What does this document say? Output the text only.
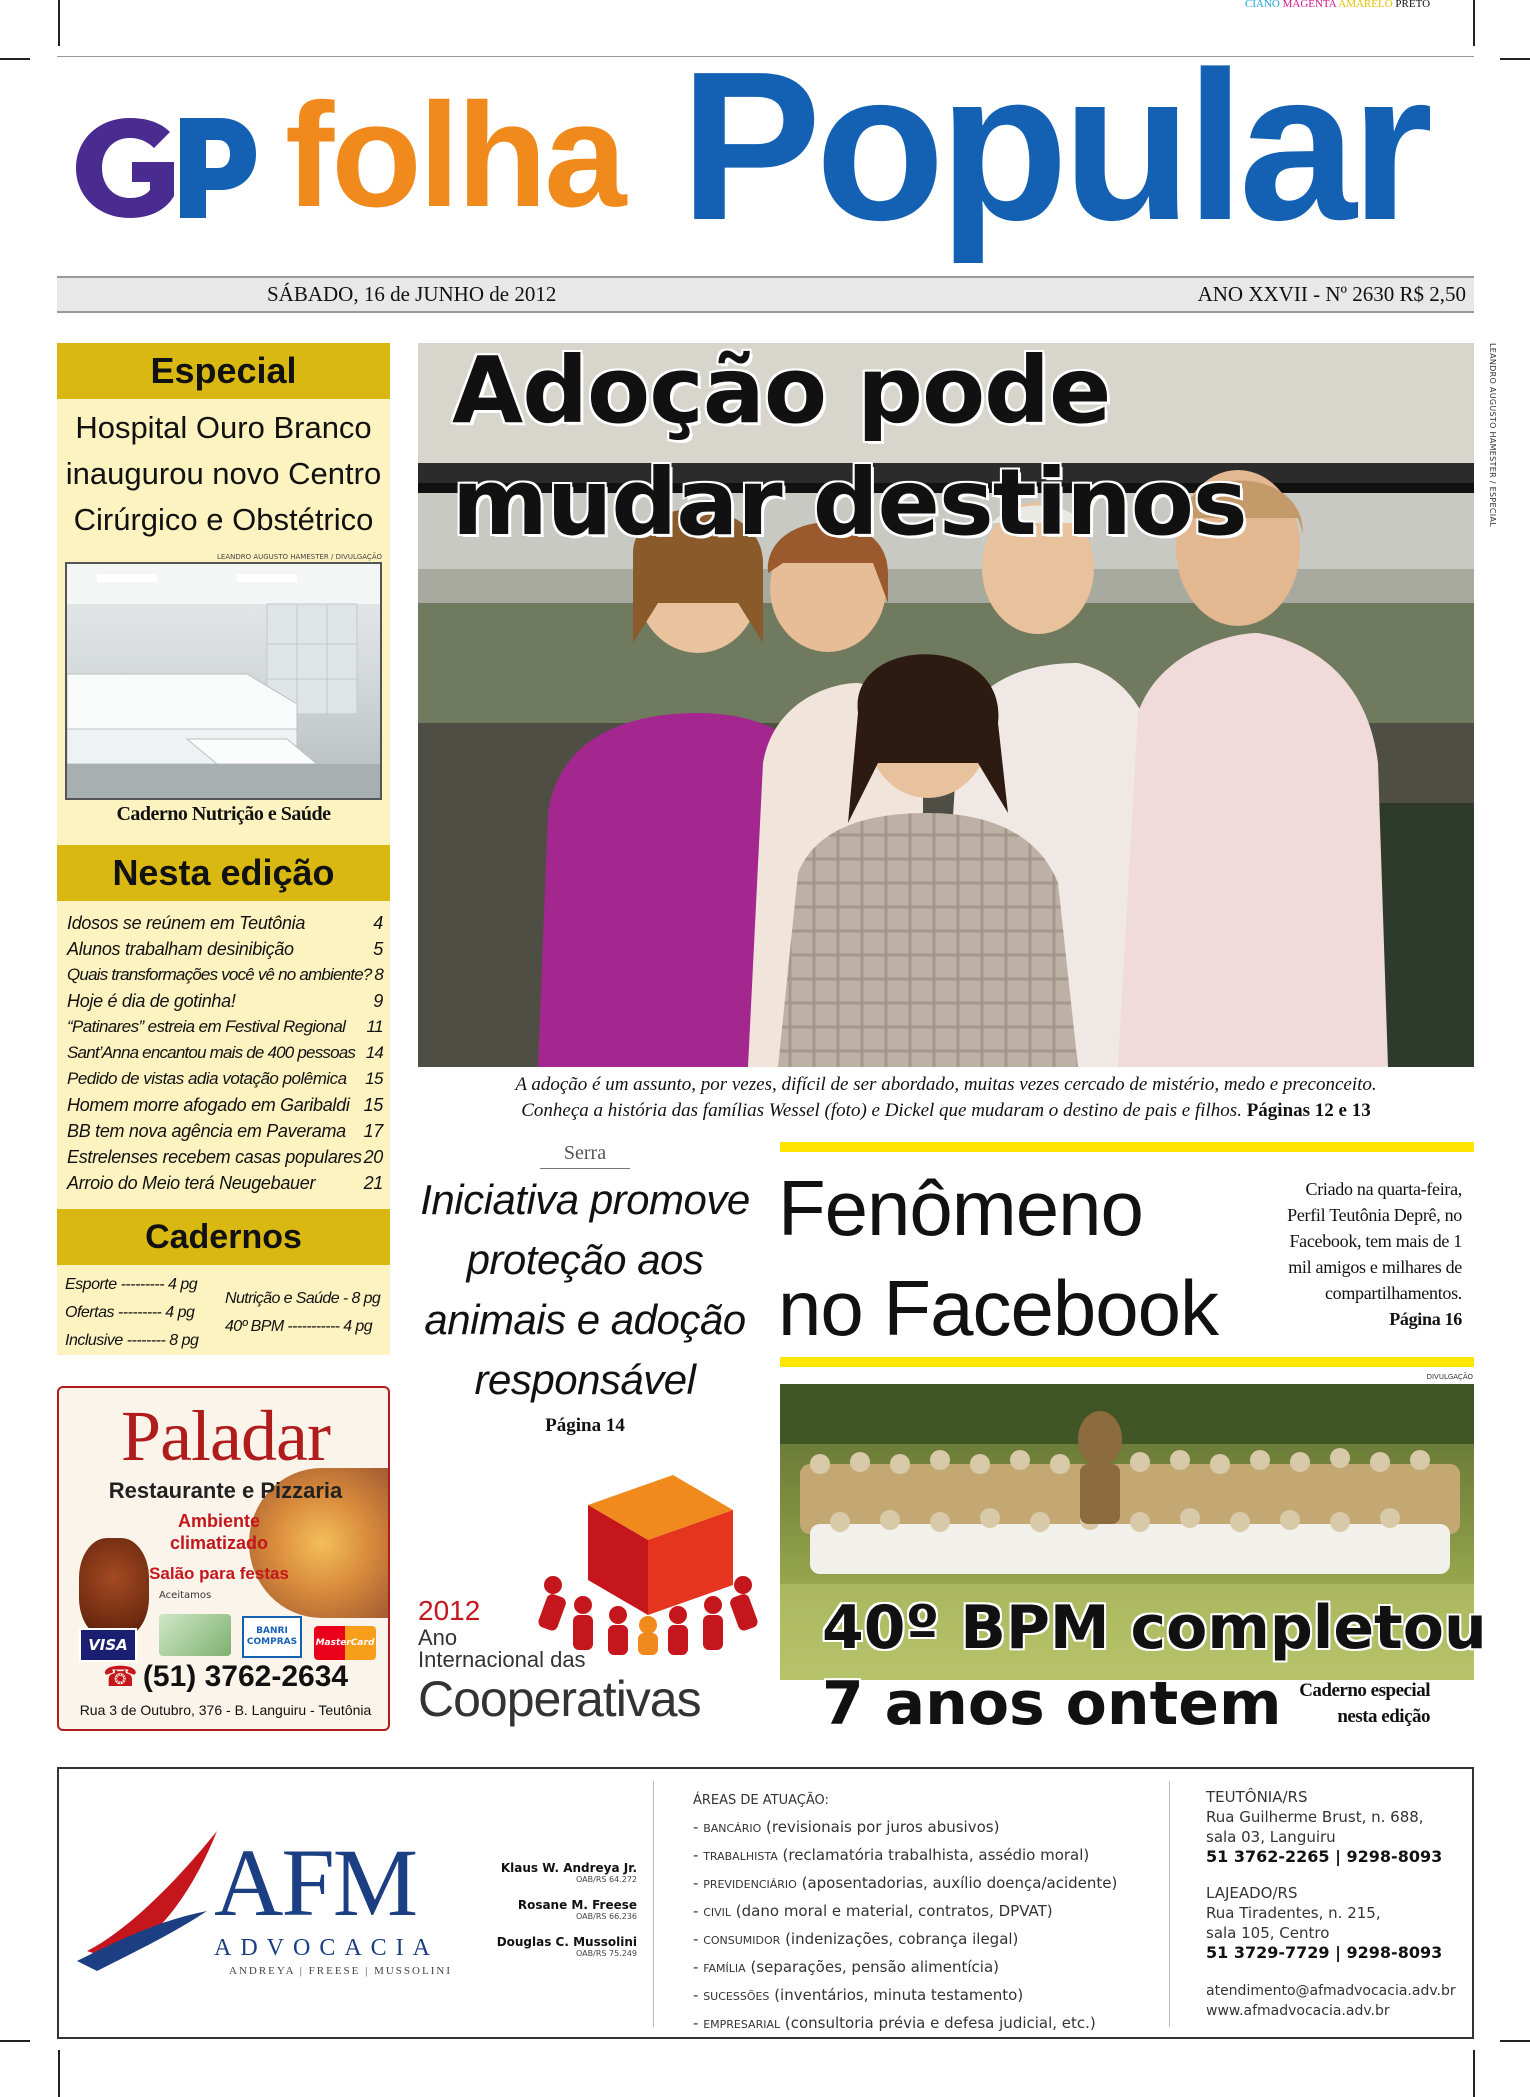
CIANO MAGENTA AMARELO PRETO
folha Popular
SÁBADO, 16 de JUNHO de 2012	ANO XXVII - Nº 2630 R$ 2,50
Especial
Hospital Ouro Branco
inaugurou novo Centro
Cirúrgico e Obstétrico
LEANDRO AUGUSTO HAMESTER / DIVULGAÇÃO
Caderno Nutrição e Saúde
Nesta edição
Idosos se reúnem em Teutônia	4
Alunos trabalham desinibição	5
Quais transformações você vê no ambiente? 8
Hoje é dia de gotinha!	9
“Patinares” estreia em Festival Regional 11
Sant’Anna encantou mais de 400 pessoas 14
Pedido de vistas adia votação polêmica 15
Homem morre afogado em Garibaldi 15
BB tem nova agência em Paverama 17
Estrelenses recebem casas populares 20
Arroio do Meio terá Neugebauer	21
Cadernos
Esporte --------- 4 pg
Ofertas --------- 4 pg
Inclusive -------- 8 pg
Nutrição e Saúde - 8 pg
40º BPM ----------- 4 pg
Paladar
Restaurante e Pizzaria
Ambiente
climatizado
Salão para festas
Aceitamos
VISA
BANRI COMPRAS	MasterCard
☎ (51) 3762-2634
Rua 3 de Outubro, 376 - B. Languiru - Teutônia
Adoção pode
mudar destinos	LEANDRO AUGUSTO HAMESTER / ESPECIAL
A adoção é um assunto, por vezes, difícil de ser abordado, muitas vezes cercado de mistério, medo e preconceito.
Conheça a história das famílias Wessel (foto) e Dickel que mudaram o destino de pais e filhos. Páginas 12 e 13
Serra
Iniciativa promove
proteção aos
animais e adoção
responsável
Página 14
2012
Ano
Internacional das
Cooperativas
Fenômeno
no Facebook
Criado na quarta-feira,
Perfil Teutônia Deprê, no
Facebook, tem mais de 1
mil amigos e milhares de
compartilhamentos.
Página 16
DIVULGAÇÃO
40º BPM completou
7 anos ontem Caderno especial
nesta edição
AFM
ADVOCACIA
ANDREYA | FREESE | MUSSOLINI
Klaus W. Andreya Jr.
OAB/RS 64.272
Rosane M. Freese
OAB/RS 66.236
Douglas C. Mussolini
OAB/RS 75.249
ÁREAS DE ATUAÇÃO:
- BANCÁRIO (revisionais por juros abusivos)
- TRABALHISTA (reclamatória trabalhista, assédio moral)
- PREVIDENCIÁRIO (aposentadorias, auxílio doença/acidente)
- CIVIL (dano moral e material, contratos, DPVAT)
- CONSUMIDOR (indenizações, cobrança ilegal)
- FAMÍLIA (separações, pensão alimentícia)
- SUCESSÕES (inventários, minuta testamento)
- EMPRESARIAL (consultoria prévia e defesa judicial, etc.)
TEUTÔNIA/RS
Rua Guilherme Brust, n. 688,
sala 03, Languiru
51 3762-2265 | 9298-8093
LAJEADO/RS
Rua Tiradentes, n. 215,
sala 105, Centro
51 3729-7729 | 9298-8093
atendimento@afmadvocacia.adv.br
www.afmadvocacia.adv.br
